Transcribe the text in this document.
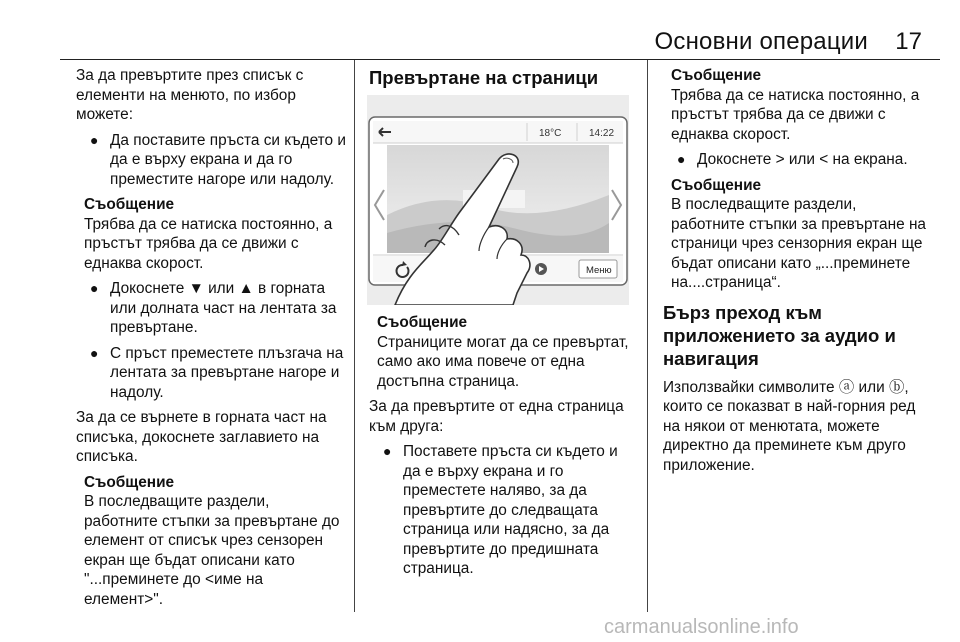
Основни операции 17

За да превъртите през списък с елементи на менюто, по избор можете:

● Да поставите пръста си където и да е върху екрана и да го преместите нагоре или надолу.
Съобщение
Трябва да се натиска постоянно, а пръстът трябва да се движи с еднаква скорост.
● Докоснете ▼ или ▲ в горната или долната част на лентата за превъртане.
● С пръст преместете плъзгача на лентата за превъртане нагоре и надолу.

За да се върнете в горната част на списъка, докоснете заглавието на списъка.

Съобщение
В последващите раздели, работните стъпки за превъртане до елемент от списък чрез сензорен екран ще бъдат описани като "...преминете до <име на елемент>".
Превъртане на страници
18°C	14:22
Меню
Съобщение
Страниците могат да се превъртат, само ако има повече от една достъпна страница.

За да превъртите от една страница към друга:

● Поставете пръста си където и да е върху екрана и го преместете наляво, за да превъртите до следващата страница или надясно, за да превъртите до предишната страница.
Съобщение
Трябва да се натиска постоянно, а пръстът трябва да се движи с еднаква скорост.
● Докоснете > или < на екрана.
Съобщение
В последващите раздели, работните стъпки за превъртане на страници чрез сензорния екран ще бъдат описани като „...преминете на....страница“.
Бърз преход към приложението за аудио и навигация

Използвайки символите ⓐ или ⓑ, които се показват в най-горния ред на някои от менютата, можете директно да преминете към друго приложение.

carmanualsonline.info
